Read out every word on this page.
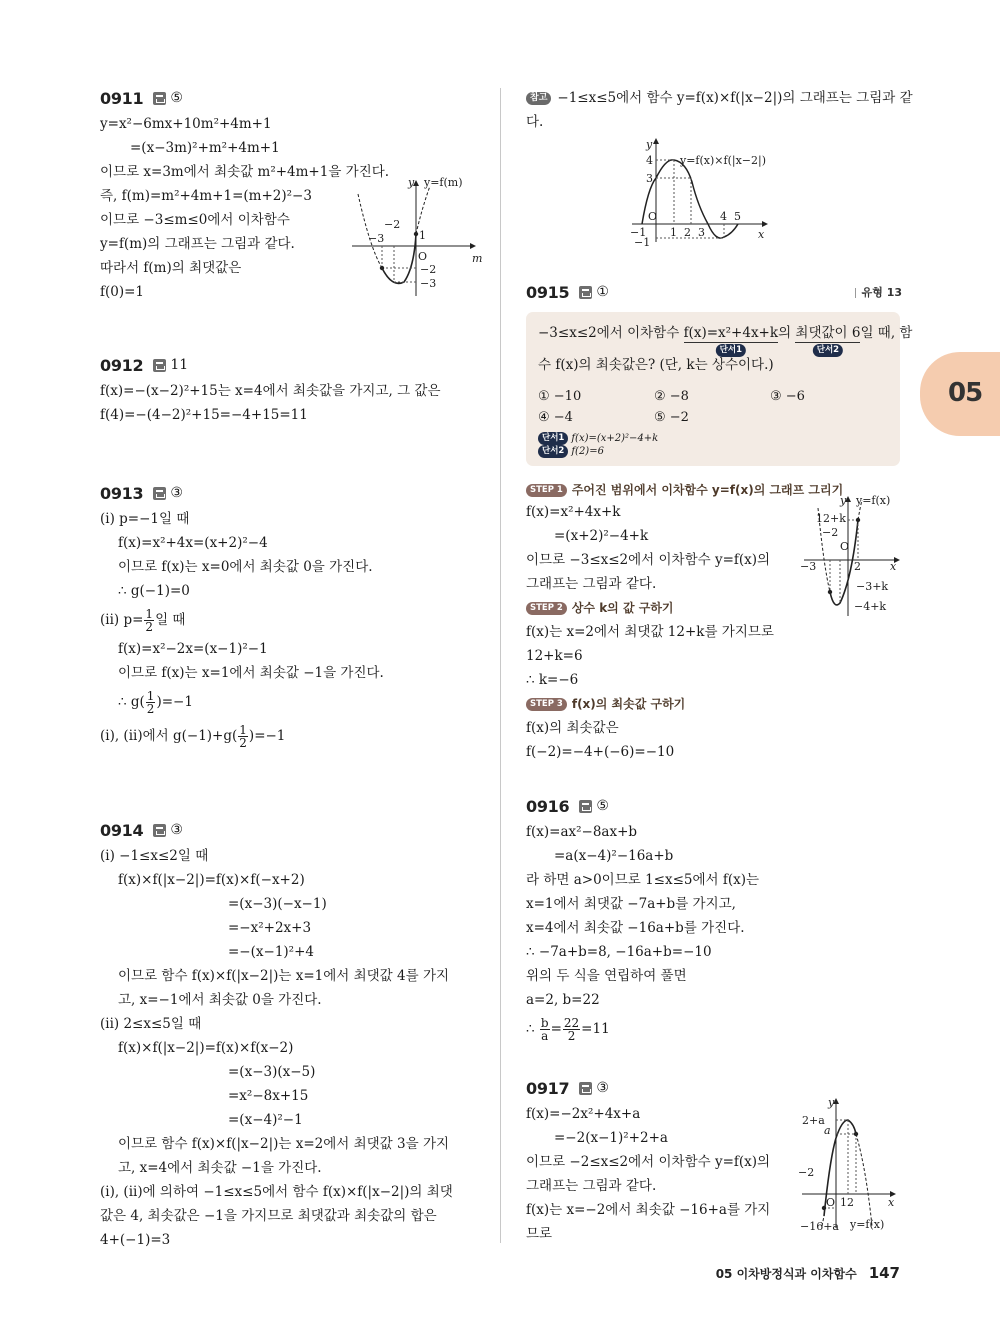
0911 ⑤
y=x²−6mx+10m²+4m+1
=(x−3m)²+m²+4m+1
이므로 x=3m에서 최솟값 m²+4m+1을 가진다.
즉, f(m)=m²+4m+1=(m+2)²−3
이므로 −3≤m≤0에서 이차함수
y=f(m)의 그래프는 그림과 같다.
따라서 f(m)의 최댓값은
f(0)=1
y y=f(m)
m
O
−2
−3	1
−2
−3
0912 11
f(x)=−(x−2)²+15는 x=4에서 최솟값을 가지고, 그 값은
f(4)=−(4−2)²+15=−4+15=11
0913 ③
(i) p=−1일 때
f(x)=x²+4x=(x+2)²−4
이므로 f(x)는 x=0에서 최솟값 0을 가진다.
∴ g(−1)=0
(ii) $p= \frac{1}{2}$ 일 때
f(x)=x²−2x=(x−1)²−1
이므로 f(x)는 x=1에서 최솟값 −1을 가진다.
∴ $g( \frac{1}{2} )=-1$
(i), (ii)에서 $g(-1)+g( \frac{1}{2} )=-1$
0914 ③
(i) −1≤x≤2일 때
f(x)×f(|x−2|)=f(x)×f(−x+2)
=(x−3)(−x−1)
=−x²+2x+3
=−(x−1)²+4
이므로 함수 f(x)×f(|x−2|)는 x=1에서 최댓값 4를 가지
고, x=−1에서 최솟값 0을 가진다.
(ii) 2≤x≤5일 때
f(x)×f(|x−2|)=f(x)×f(x−2)
=(x−3)(x−5)
=x²−8x+15
=(x−4)²−1
이므로 함수 f(x)×f(|x−2|)는 x=2에서 최댓값 3을 가지
고, x=4에서 최솟값 −1을 가진다.
(i), (ii)에 의하여 −1≤x≤5에서 함수 f(x)×f(|x−2|)의 최댓
값은 4, 최솟값은 −1을 가지므로 최댓값과 최솟값의 합은
4+(−1)=3
참고 −1≤x≤5에서 함수 y=f(x)×f(|x−2|)의 그래프는 그림과 같
다.
y
y=f(x)×f(|x−2|)
4
3
−1
O
−1 1 2 3
4 5
x
0915 ①	유형 13
−3≤x≤2에서 이차함수 f(x)=x²+4x+k
단서1
의 최댓값이 6
단서2
일 때, 함
수 f(x)의 최솟값은? (단, k는 상수이다.)
① −10	② −8	③ −6
④ −4	⑤ −2
단서1 f(x)=(x+2)²−4+k
단서2 f(2)=6
STEP 1 주어진 범위에서 이차함수 y=f(x)의 그래프 그리기
f(x)=x²+4x+k
=(x+2)²−4+k
이므로 −3≤x≤2에서 이차함수 y=f(x)의
그래프는 그림과 같다.
STEP 2 상수 k의 값 구하기
f(x)는 x=2에서 최댓값 12+k를 가지므로
12+k=6
∴ k=−6
STEP 3 f(x)의 최솟값 구하기
f(x)의 최솟값은
f(−2)=−4+(−6)=−10
y y=f(x)
12+k
−2
O
−3	2	x
−3+k
−4+k
0916 ⑤
f(x)=ax²−8ax+b
=a(x−4)²−16a+b
라 하면 a>0이므로 1≤x≤5에서 f(x)는
x=1에서 최댓값 −7a+b를 가지고,
x=4에서 최솟값 −16a+b를 가진다.
∴ −7a+b=8, −16a+b=−10
위의 두 식을 연립하여 풀면
a=2, b=22
∴ $\frac{b}{a} = \frac{22}{2} =11$
0917 ③
f(x)=−2x²+4x+a
=−2(x−1)²+2+a
이므로 −2≤x≤2에서 이차함수 y=f(x)의
그래프는 그림과 같다.
f(x)는 x=−2에서 최솟값 −16+a를 가지
므로
y
2+a
a
−2
O 12	x
y=f(x)
−16+a
05
05 이차방정식과 이차함수 147
